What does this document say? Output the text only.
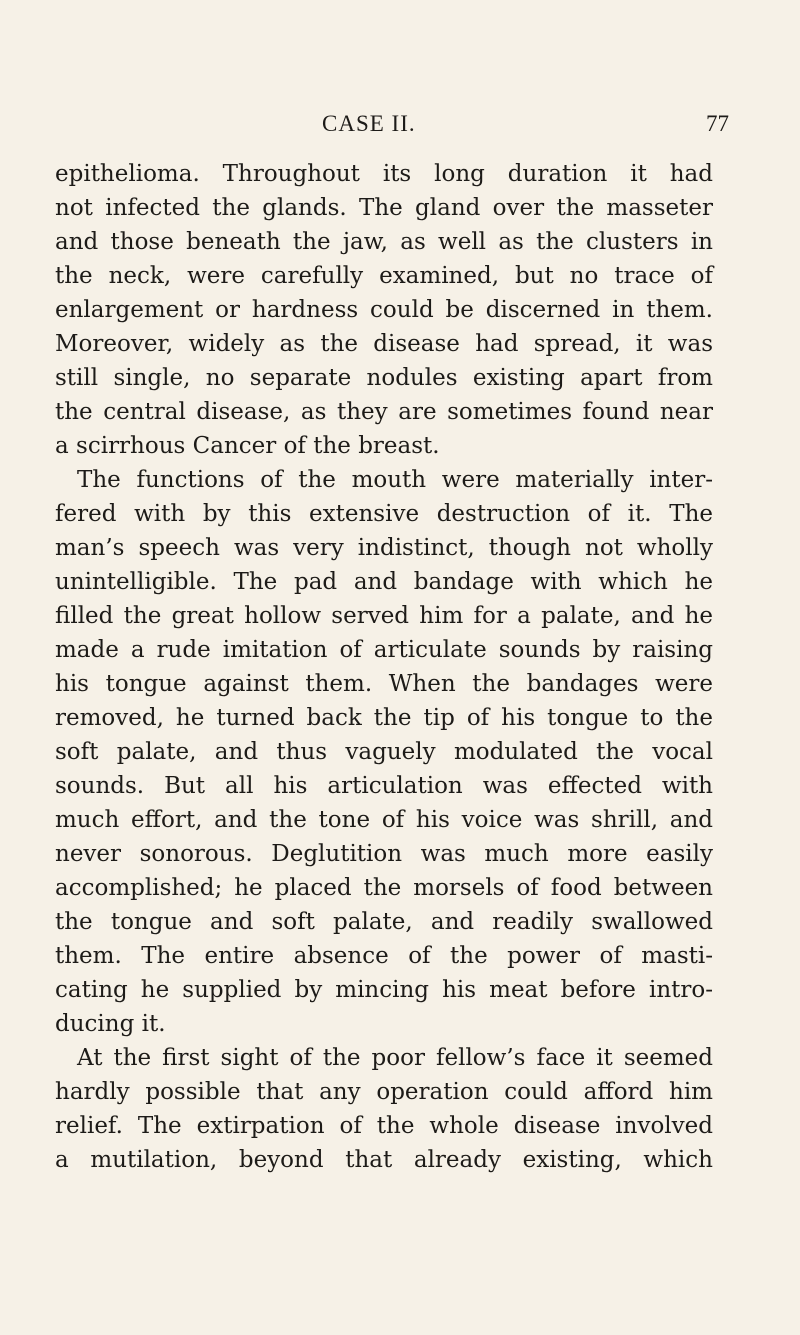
CASE II.	77
epithelioma. Throughout its long duration it had
not infected the glands. The gland over the masseter
and those beneath the jaw, as well as the clusters in
the neck, were carefully examined, but no trace of
enlargement or hardness could be discerned in them.
Moreover, widely as the disease had spread, it was
still single, no separate nodules existing apart from
the central disease, as they are sometimes found near
a scirrhous Cancer of the breast.
The functions of the mouth were materially inter-
fered with by this extensive destruction of it. The
man’s speech was very indistinct, though not wholly
unintelligible. The pad and bandage with which he
filled the great hollow served him for a palate, and he
made a rude imitation of articulate sounds by raising
his tongue against them. When the bandages were
removed, he turned back the tip of his tongue to the
soft palate, and thus vaguely modulated the vocal
sounds. But all his articulation was effected with
much effort, and the tone of his voice was shrill, and
never sonorous. Deglutition was much more easily
accomplished; he placed the morsels of food between
the tongue and soft palate, and readily swallowed
them. The entire absence of the power of masti-
cating he supplied by mincing his meat before intro-
ducing it.
At the first sight of the poor fellow’s face it seemed
hardly possible that any operation could afford him
relief. The extirpation of the whole disease involved
a mutilation, beyond that already existing, which
